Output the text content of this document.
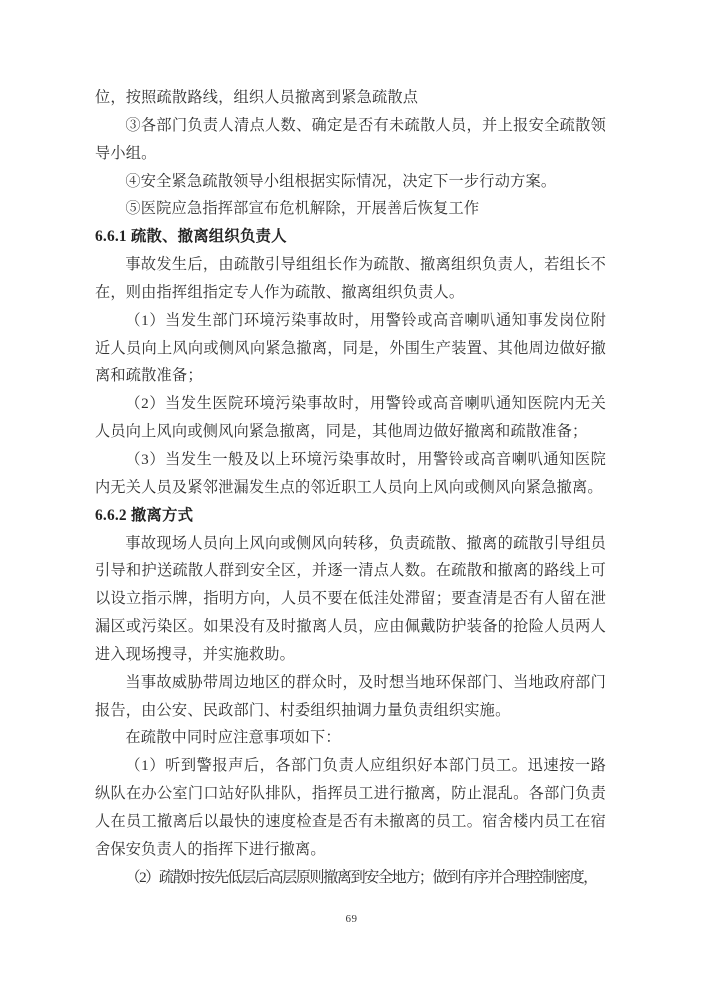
位，按照疏散路线，组织人员撤离到紧急疏散点

③各部门负责人清点人数、确定是否有未疏散人员，并上报安全疏散领导小组。

④安全紧急疏散领导小组根据实际情况，决定下一步行动方案。

⑤医院应急指挥部宣布危机解除，开展善后恢复工作

6.6.1 疏散、撤离组织负责人

事故发生后，由疏散引导组组长作为疏散、撤离组织负责人，若组长不在，则由指挥组指定专人作为疏散、撤离组织负责人。

（1）当发生部门环境污染事故时，用警铃或高音喇叭通知事发岗位附近人员向上风向或侧风向紧急撤离，同是，外围生产装置、其他周边做好撤离和疏散准备；

（2）当发生医院环境污染事故时，用警铃或高音喇叭通知医院内无关人员向上风向或侧风向紧急撤离，同是，其他周边做好撤离和疏散准备；

（3）当发生一般及以上环境污染事故时，用警铃或高音喇叭通知医院内无关人员及紧邻泄漏发生点的邻近职工人员向上风向或侧风向紧急撤离。

6.6.2 撤离方式

事故现场人员向上风向或侧风向转移，负责疏散、撤离的疏散引导组员引导和护送疏散人群到安全区，并逐一清点人数。在疏散和撤离的路线上可以设立指示牌，指明方向，人员不要在低洼处滞留；要查清是否有人留在泄漏区或污染区。如果没有及时撤离人员，应由佩戴防护装备的抢险人员两人进入现场搜寻，并实施救助。

当事故威胁带周边地区的群众时，及时想当地环保部门、当地政府部门报告，由公安、民政部门、村委组织抽调力量负责组织实施。

在疏散中同时应注意事项如下：

（1）听到警报声后，各部门负责人应组织好本部门员工。迅速按一路纵队在办公室门口站好队排队，指挥员工进行撤离，防止混乱。各部门负责人在员工撤离后以最快的速度检查是否有未撤离的员工。宿舍楼内员工在宿舍保安负责人的指挥下进行撤离。

（2）疏散时按先低层后高层原则撤离到安全地方；做到有序并合理控制密度，

69
